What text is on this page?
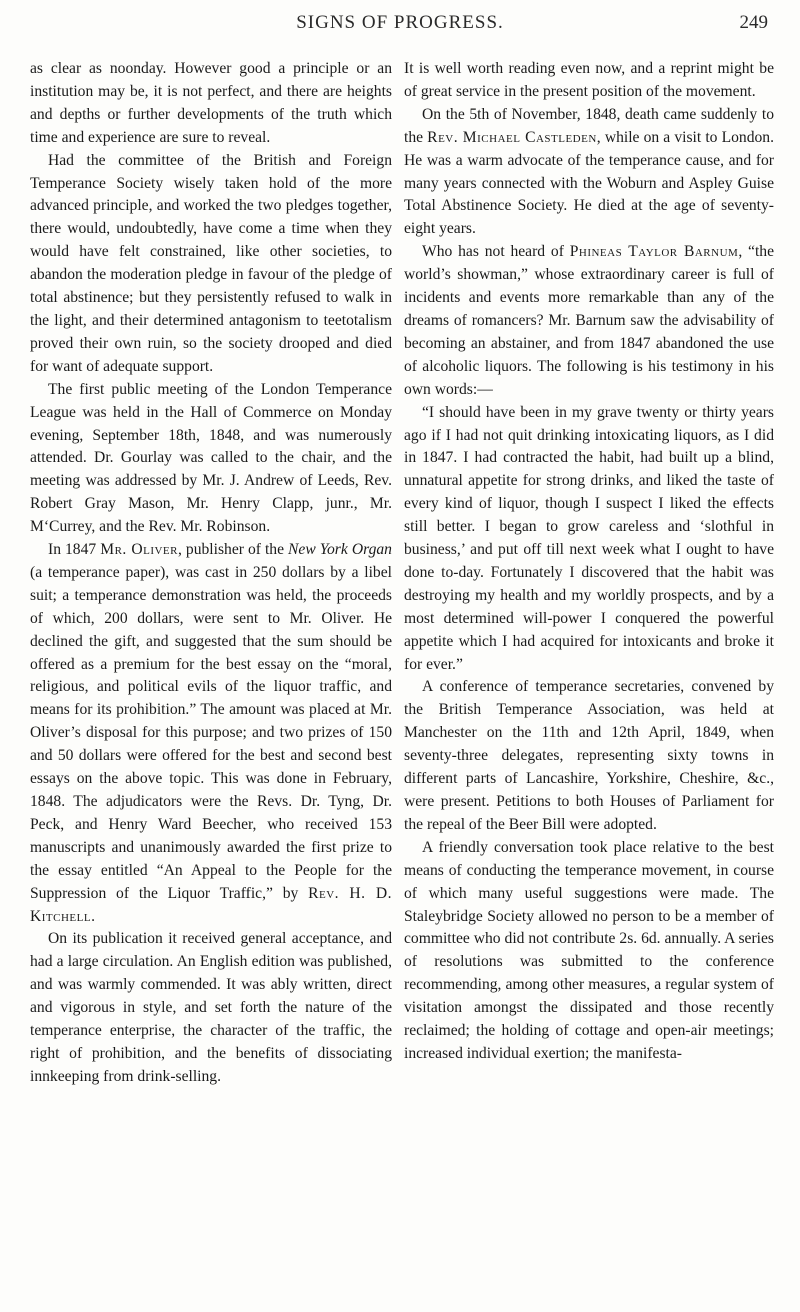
SIGNS OF PROGRESS.	249

as clear as noonday. However good a principle or an institution may be, it is not perfect, and there are heights and depths or further developments of the truth which time and experience are sure to reveal.

Had the committee of the British and Foreign Temperance Society wisely taken hold of the more advanced principle, and worked the two pledges together, there would, undoubtedly, have come a time when they would have felt constrained, like other societies, to abandon the moderation pledge in favour of the pledge of total abstinence; but they persistently refused to walk in the light, and their determined antagonism to teetotalism proved their own ruin, so the society drooped and died for want of adequate support.

The first public meeting of the London Temperance League was held in the Hall of Commerce on Monday evening, September 18th, 1848, and was numerously attended. Dr. Gourlay was called to the chair, and the meeting was addressed by Mr. J. Andrew of Leeds, Rev. Robert Gray Mason, Mr. Henry Clapp, junr., Mr. M‘Currey, and the Rev. Mr. Robinson.

In 1847 Mr. Oliver, publisher of the New York Organ (a temperance paper), was cast in 250 dollars by a libel suit; a temperance demonstration was held, the proceeds of which, 200 dollars, were sent to Mr. Oliver. He declined the gift, and suggested that the sum should be offered as a premium for the best essay on the “moral, religious, and political evils of the liquor traffic, and means for its prohibition.” The amount was placed at Mr. Oliver’s disposal for this purpose; and two prizes of 150 and 50 dollars were offered for the best and second best essays on the above topic. This was done in February, 1848. The adjudicators were the Revs. Dr. Tyng, Dr. Peck, and Henry Ward Beecher, who received 153 manuscripts and unanimously awarded the first prize to the essay entitled “An Appeal to the People for the Suppression of the Liquor Traffic,” by Rev. H. D. Kitchell.

On its publication it received general acceptance, and had a large circulation. An English edition was published, and was warmly commended. It was ably written, direct and vigorous in style, and set forth the nature of the temperance enterprise, the character of the traffic, the right of prohibition, and the benefits of dissociating innkeeping from drink-selling.

It is well worth reading even now, and a reprint might be of great service in the present position of the movement.

On the 5th of November, 1848, death came suddenly to the Rev. Michael Castleden, while on a visit to London. He was a warm advocate of the temperance cause, and for many years connected with the Woburn and Aspley Guise Total Abstinence Society. He died at the age of seventy-eight years.

Who has not heard of Phineas Taylor Barnum, “the world’s showman,” whose extraordinary career is full of incidents and events more remarkable than any of the dreams of romancers? Mr. Barnum saw the advisability of becoming an abstainer, and from 1847 abandoned the use of alcoholic liquors. The following is his testimony in his own words:—

“I should have been in my grave twenty or thirty years ago if I had not quit drinking intoxicating liquors, as I did in 1847. I had contracted the habit, had built up a blind, unnatural appetite for strong drinks, and liked the taste of every kind of liquor, though I suspect I liked the effects still better. I began to grow careless and ‘slothful in business,’ and put off till next week what I ought to have done to-day. Fortunately I discovered that the habit was destroying my health and my worldly prospects, and by a most determined will-power I conquered the powerful appetite which I had acquired for intoxicants and broke it for ever.”

A conference of temperance secretaries, convened by the British Temperance Association, was held at Manchester on the 11th and 12th April, 1849, when seventy-three delegates, representing sixty towns in different parts of Lancashire, Yorkshire, Cheshire, &c., were present. Petitions to both Houses of Parliament for the repeal of the Beer Bill were adopted.

A friendly conversation took place relative to the best means of conducting the temperance movement, in course of which many useful suggestions were made. The Staleybridge Society allowed no person to be a member of committee who did not contribute 2s. 6d. annually. A series of resolutions was submitted to the conference recommending, among other measures, a regular system of visitation amongst the dissipated and those recently reclaimed; the holding of cottage and open-air meetings; increased individual exertion; the manifesta-
